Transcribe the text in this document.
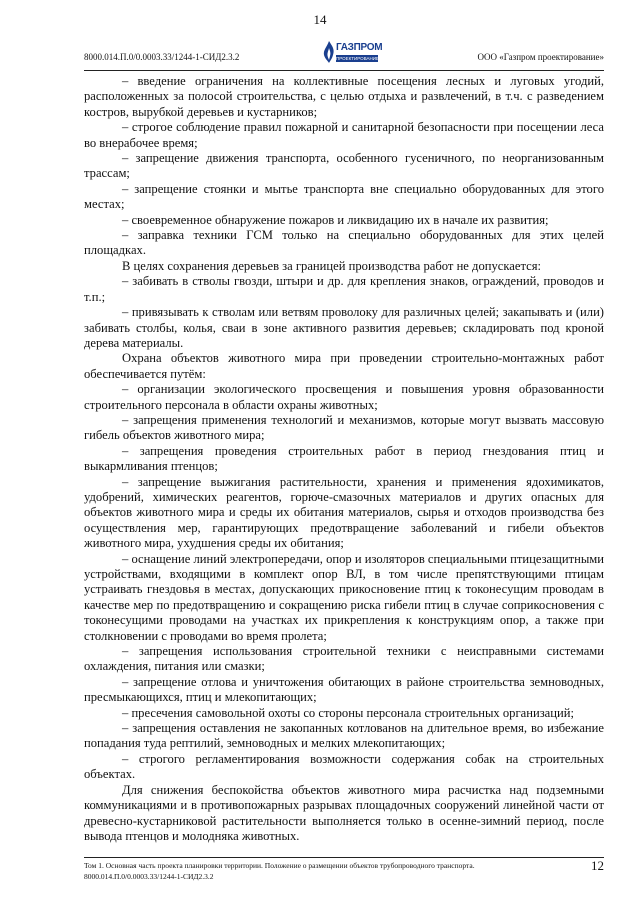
14
8000.014.П.0/0.0003.33/1244-1-СИД2.3.2
ГАЗПРОМ
ПРОЕКТИРОВАНИЕ	ООО «Газпром проектирование»

– введение ограничения на коллективные посещения лесных и луговых угодий, расположенных за полосой строительства, с целью отдыха и развлечений, в т.ч. с разведением костров, вырубкой деревьев и кустарников;

– строгое соблюдение правил пожарной и санитарной безопасности при посещении леса во внерабочее время;

– запрещение движения транспорта, особенного гусеничного, по неорганизованным трассам;

– запрещение стоянки и мытье транспорта вне специально оборудованных для этого местах;

– своевременное обнаружение пожаров и ликвидацию их в начале их развития;

– заправка техники ГСМ только на специально оборудованных для этих целей площадках.

В целях сохранения деревьев за границей производства работ не допускается:

– забивать в стволы гвозди, штыри и др. для крепления знаков, ограждений, проводов и т.п.;

– привязывать к стволам или ветвям проволоку для различных целей; закапывать и (или) забивать столбы, колья, сваи в зоне активного развития деревьев; складировать под кроной дерева материалы.

Охрана объектов животного мира при проведении строительно-монтажных работ обеспечивается путём:

– организации экологического просвещения и повышения уровня образованности строительного персонала в области охраны животных;

– запрещения применения технологий и механизмов, которые могут вызвать массовую гибель объектов животного мира;

– запрещения проведения строительных работ в период гнездования птиц и выкармливания птенцов;

– запрещение выжигания растительности, хранения и применения ядохимикатов, удобрений, химических реагентов, горюче-смазочных материалов и других опасных для объектов животного мира и среды их обитания материалов, сырья и отходов производства без осуществления мер, гарантирующих предотвращение заболеваний и гибели объектов животного мира, ухудшения среды их обитания;

– оснащение линий электропередачи, опор и изоляторов специальными птицезащитными устройствами, входящими в комплект опор ВЛ, в том числе препятствующими птицам устраивать гнездовья в местах, допускающих прикосновение птиц к токонесущим проводам в качестве мер по предотвращению и сокращению риска гибели птиц в случае соприкосновения с токонесущими проводами на участках их прикрепления к конструкциям опор, а также при столкновении с проводами во время пролета;

– запрещения использования строительной техники с неисправными системами охлаждения, питания или смазки;

– запрещение отлова и уничтожения обитающих в районе строительства земноводных, пресмыкающихся, птиц и млекопитающих;

– пресечения самовольной охоты со стороны персонала строительных организаций;

– запрещения оставления не закопанных котлованов на длительное время, во избежание попадания туда рептилий, земноводных и мелких млекопитающих;

– строгого регламентирования возможности содержания собак на строительных объектах.

Для снижения беспокойства объектов животного мира расчистка над подземными коммуникациями и в противопожарных разрывах площадочных сооружений линейной части от древесно-кустарниковой растительности выполняется только в осенне-зимний период, после вывода птенцов и молодняка животных.

Том 1. Основная часть проекта планировки территории. Положение о размещении объектов трубопроводного транспорта.
8000.014.П.0/0.0003.33/1244-1-СИД2.3.2
12
